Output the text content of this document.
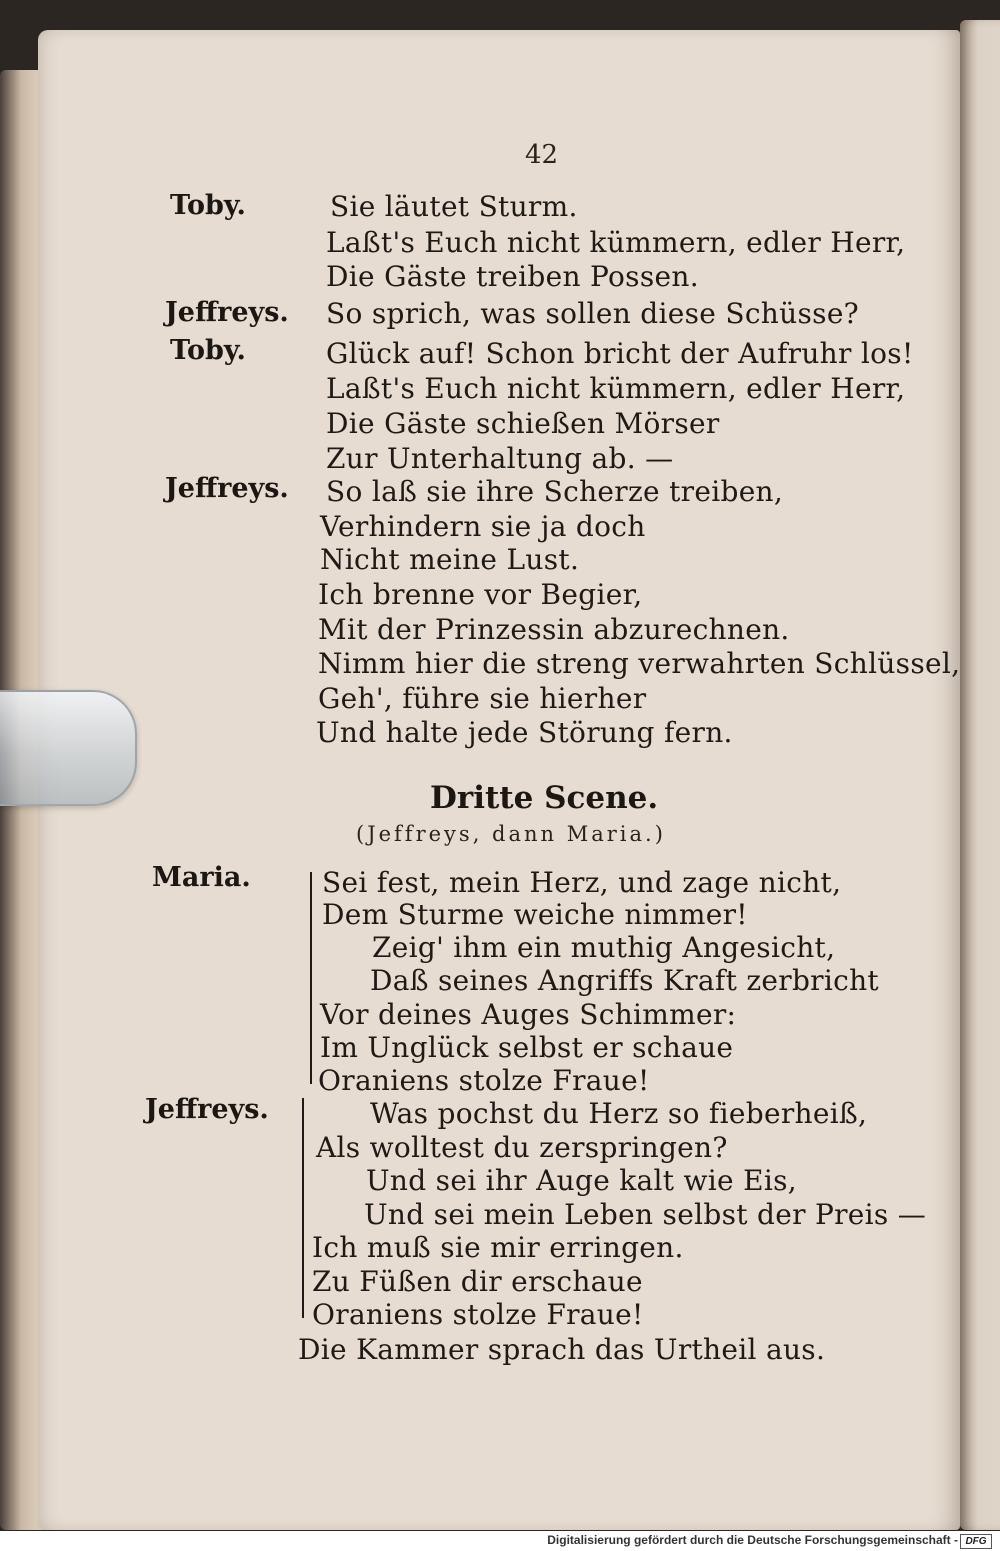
42
Toby.
Jeffreys.
Toby.
Jeffreys.
Maria.
Jeffreys.
Sie läutet Sturm.
Laßt's Euch nicht kümmern, edler Herr,
Die Gäste treiben Possen.
So sprich, was sollen diese Schüsse?
Glück auf! Schon bricht der Aufruhr los!
Laßt's Euch nicht kümmern, edler Herr,
Die Gäste schießen Mörser
Zur Unterhaltung ab. —
So laß sie ihre Scherze treiben,
Verhindern sie ja doch
Nicht meine Lust.
Ich brenne vor Begier,
Mit der Prinzessin abzurechnen.
Nimm hier die streng verwahrten Schlüssel,
Geh', führe sie hierher
Und halte jede Störung fern.
Dritte Scene.
(Jeffreys, dann Maria.)
Sei fest, mein Herz, und zage nicht,
Dem Sturme weiche nimmer!
Zeig' ihm ein muthig Angesicht,
Daß seines Angriffs Kraft zerbricht
Vor deines Auges Schimmer:
Im Unglück selbst er schaue
Oraniens stolze Fraue!
Was pochst du Herz so fieberheiß,
Als wolltest du zerspringen?
Und sei ihr Auge kalt wie Eis,
Und sei mein Leben selbst der Preis —
Ich muß sie mir erringen.
Zu Füßen dir erschaue
Oraniens stolze Fraue!
Die Kammer sprach das Urtheil aus.
Digitalisierung gefördert durch die Deutsche Forschungsgemeinschaft - DFG
